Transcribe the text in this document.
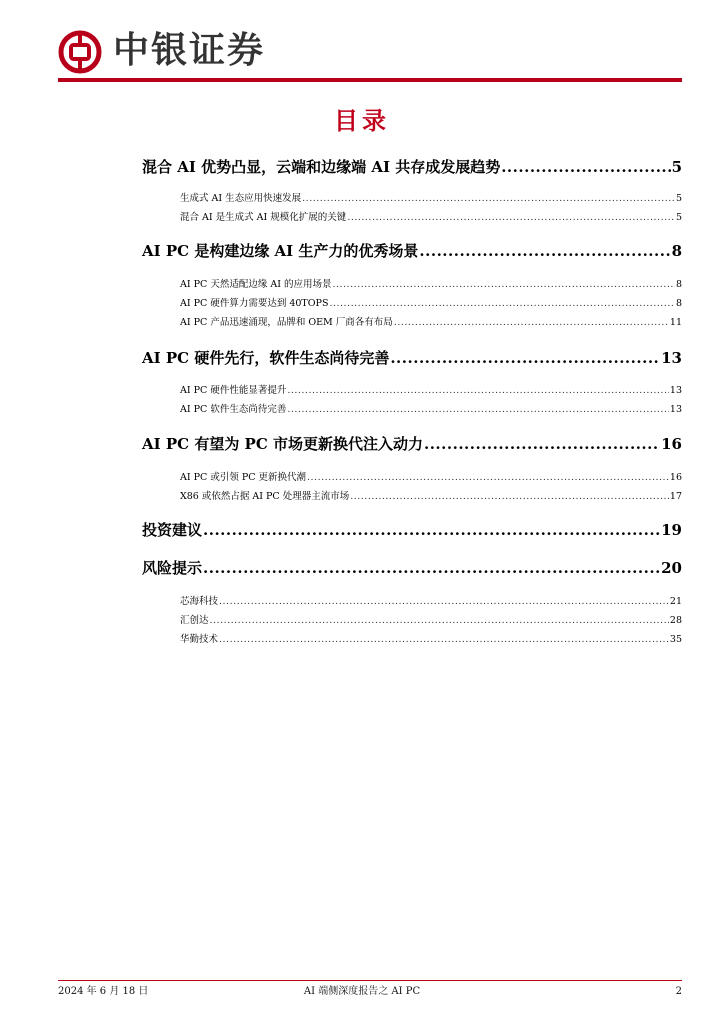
中银证券
目录
混合 AI 优势凸显，云端和边缘端 AI 共存成发展趋势 .....	5
生成式 AI 生态应用快速发展 .....	5
混合 AI 是生成式 AI 规模化扩展的关键 .....	5
AI PC 是构建边缘 AI 生产力的优秀场景 .....	8
AI PC 天然适配边缘 AI 的应用场景 .....	8
AI PC 硬件算力需要达到 40TOPS .....	8
AI PC 产品迅速涌现，品牌和 OEM 厂商各有布局 .....	11
AI PC 硬件先行，软件生态尚待完善 .....	13
AI PC 硬件性能显著提升 .....	13
AI PC 软件生态尚待完善 .....	13
AI PC 有望为 PC 市场更新换代注入动力 .....	16
AI PC 或引领 PC 更新换代潮 .....	16
X86 或依然占据 AI PC 处理器主流市场 .....	17
投资建议 .....	19
风险提示 .....	20
芯海科技 .....	21
汇创达 .....	28
华勤技术 .....	35
2024 年 6 月 18 日	AI 端侧深度报告之 AI PC	2
